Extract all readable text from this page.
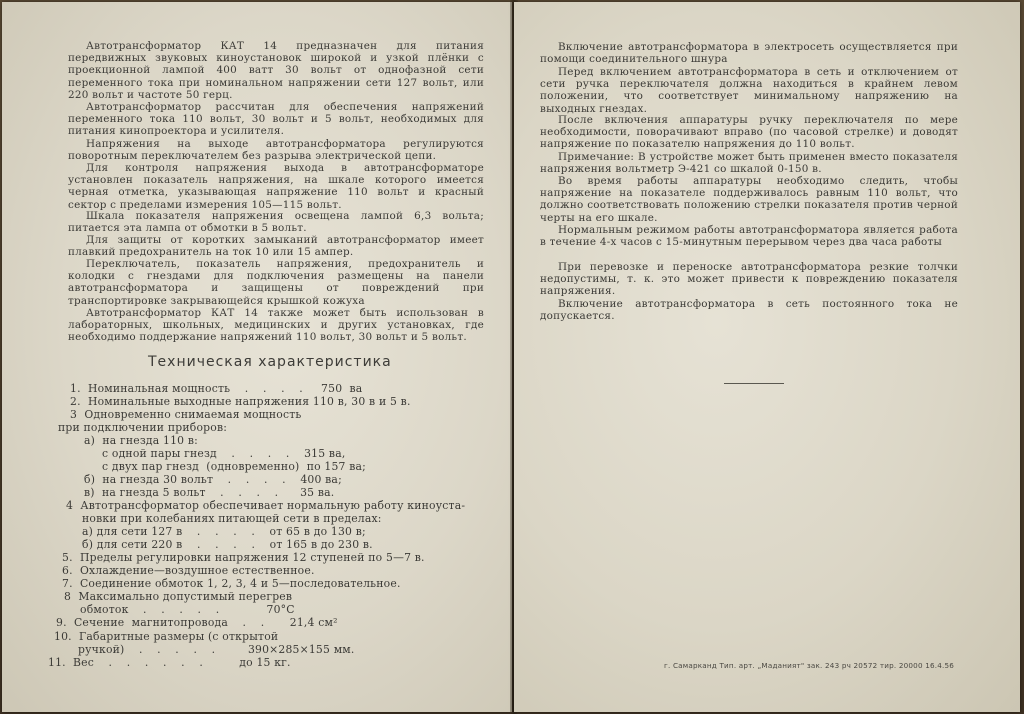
Автотрансформатор КАТ 14 предназначен для питания передвижных звуковых киноустановок широкой и узкой плёнки с проекционной лампой 400 ватт 30 вольт от однофазной сети переменного тока при номинальном напряжении сети 127 вольт, или 220 вольт и частоте 50 герц.

Автотрансформатор рассчитан для обеспечения напряжений переменного тока 110 вольт, 30 вольт и 5 вольт, необходимых для питания кинопроектора и усилителя.

Напряжения на выходе автотрансформатора регулируются поворотным переключателем без разрыва электрической цепи.

Для контроля напряжения выхода в автотрансформаторе установлен показатель напряжения, на шкале которого имеется черная отметка, указывающая напряжение 110 вольт и красный сектор с пределами измерения 105—115 вольт.

Шкала показателя напряжения освещена лампой 6,3 вольта; питается эта лампа от обмотки в 5 вольт.

Для защиты от коротких замыканий автотрансформатор имеет плавкий предохранитель на ток 10 или 15 ампер.

Переключатель, показатель напряжения, предохранитель и колодки с гнездами для подключения размещены на панели автотрансформатора и защищены от повреждений при транспортировке закрывающейся крышкой кожуха

Автотрансформатор КАТ 14 также может быть использован в лабораторных, школьных, медицинских и других установках, где необходимо поддержание напряжений 110 вольт, 30 вольт и 5 вольт.

Техническая характеристика
1.  Номинальная мощность    .    .    .    .     750  ва
2.  Номинальные выходные напряжения 110 в, 30 в и 5 в.
3  Одновременно снимаемая мощность
при подключении приборов:
а)  на гнезда 110 в:
с одной пары гнезд    .    .    .    .    315 ва,
с двух пар гнезд  (одновременно)  по 157 ва;
б)  на гнезда 30 вольт    .    .    .    .    400 ва;
в)  на гнезда 5 вольт    .    .    .    .      35 ва.
4  Автотрансформатор обеспечивает нормальную работу киноуста-
новки при колебаниях питающей сети в пределах:
а) для сети 127 в    .    .    .    .    от 65 в до 130 в;
б) для сети 220 в    .    .    .    .    от 165 в до 230 в.
5.  Пределы регулировки напряжения 12 ступеней по 5—7 в.
6.  Охлаждение—воздушное естественное.
7.  Соединение обмоток 1, 2, 3, 4 и 5—последовательное.
8  Максимально допустимый перегрев
обмоток    .    .    .    .    .             70°C
9.  Сечение  магнитопровода    .    .       21,4 см²
10.  Габаритные размеры (с открытой
ручкой)    .    .    .    .    .         390×285×155 мм.
11.  Вес    .    .    .    .    .    .          до 15 кг.

Включение автотрансформатора в электросеть осуществляется при помощи соединительного шнура

Перед включением автотрансформатора в сеть и отключением от сети ручка переключателя должна находиться в крайнем левом положении, что соответствует минимальному напряжению на выходных гнездах.

После включения аппаратуры ручку переключателя по мере необходимости, поворачивают вправо (по часовой стрелке) и доводят напряжение по показателю напряжения до 110 вольт.

Примечание: В устройстве может быть применен вместо показателя напряжения вольтметр Э-421 со шкалой 0-150 в.

Во время работы аппаратуры необходимо следить, чтобы напряжение на показателе поддерживалось равным 110 вольт, что должно соответствовать положению стрелки показателя против черной черты на его шкале.

Нормальным режимом работы автотрансформатора является работа в течение 4-х часов с 15-минутным перерывом через два часа работы

При перевозке и переноске автотрансформатора резкие толчки недопустимы, т. к. это может привести к повреждению показателя напряжения.

Включение автотрансформатора в сеть постоянного тока не допускается.

г. Самарканд Тип. арт. „Маданият" зак. 243 рч 20572 тир. 20000 16.4.56
